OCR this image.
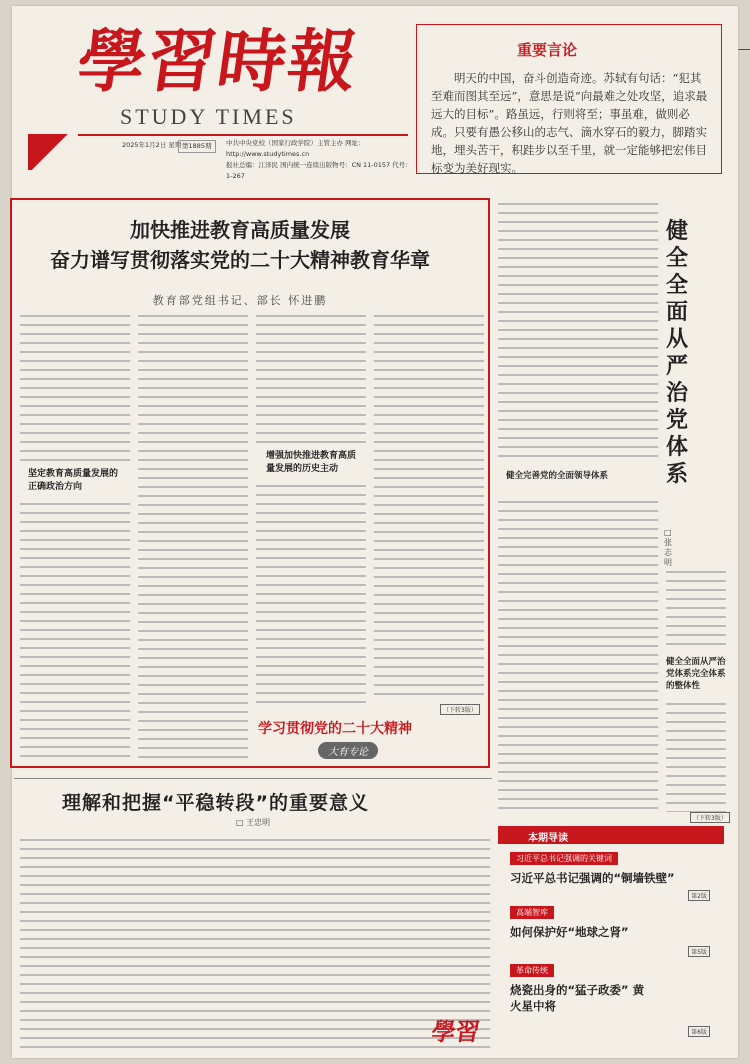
學習時報
STUDY TIMES
2025年1月2日 星期一
第1885期	中共中央党校（国家行政学院）主管主办 网址：http://www.studytimes.cn
报社总编：江泽民 国内统一连续出版物号：CN 11-0157 代号：1-267
重要言论
明天的中国，奋斗创造奇迹。苏轼有句话：“犯其至难而图其至远”，意思是说“向最难之处攻坚，追求最远大的目标”。路虽远，行则将至；事虽难，做则必成。只要有愚公移山的志气、滴水穿石的毅力，脚踏实地，埋头苦干，积跬步以至千里，就一定能够把宏伟目标变为美好现实。
加快推进教育高质量发展
奋力谱写贯彻落实党的二十大精神教育华章
教育部党组书记、部长 怀进鹏
坚定教育高质量发展的正确政治方向
增强加快推进教育高质量发展的历史主动
（下转3版）
学习贯彻党的二十大精神
大有专论
健全全面从严治党体系
□ 张志明
健全完善党的全面领导体系
健全全面从严治党体系完全体系的整体性
（下转3版）
理解和把握“平稳转段”的重要意义
□ 王忠明
本期导读
习近平总书记强调的关键词
习近平总书记强调的“铜墙铁壁”
第2版
高端智库
如何保护好“地球之肾”
第5版
革命传统
烧瓷出身的“猛子政委” 黄火星中将
第6版
學習
